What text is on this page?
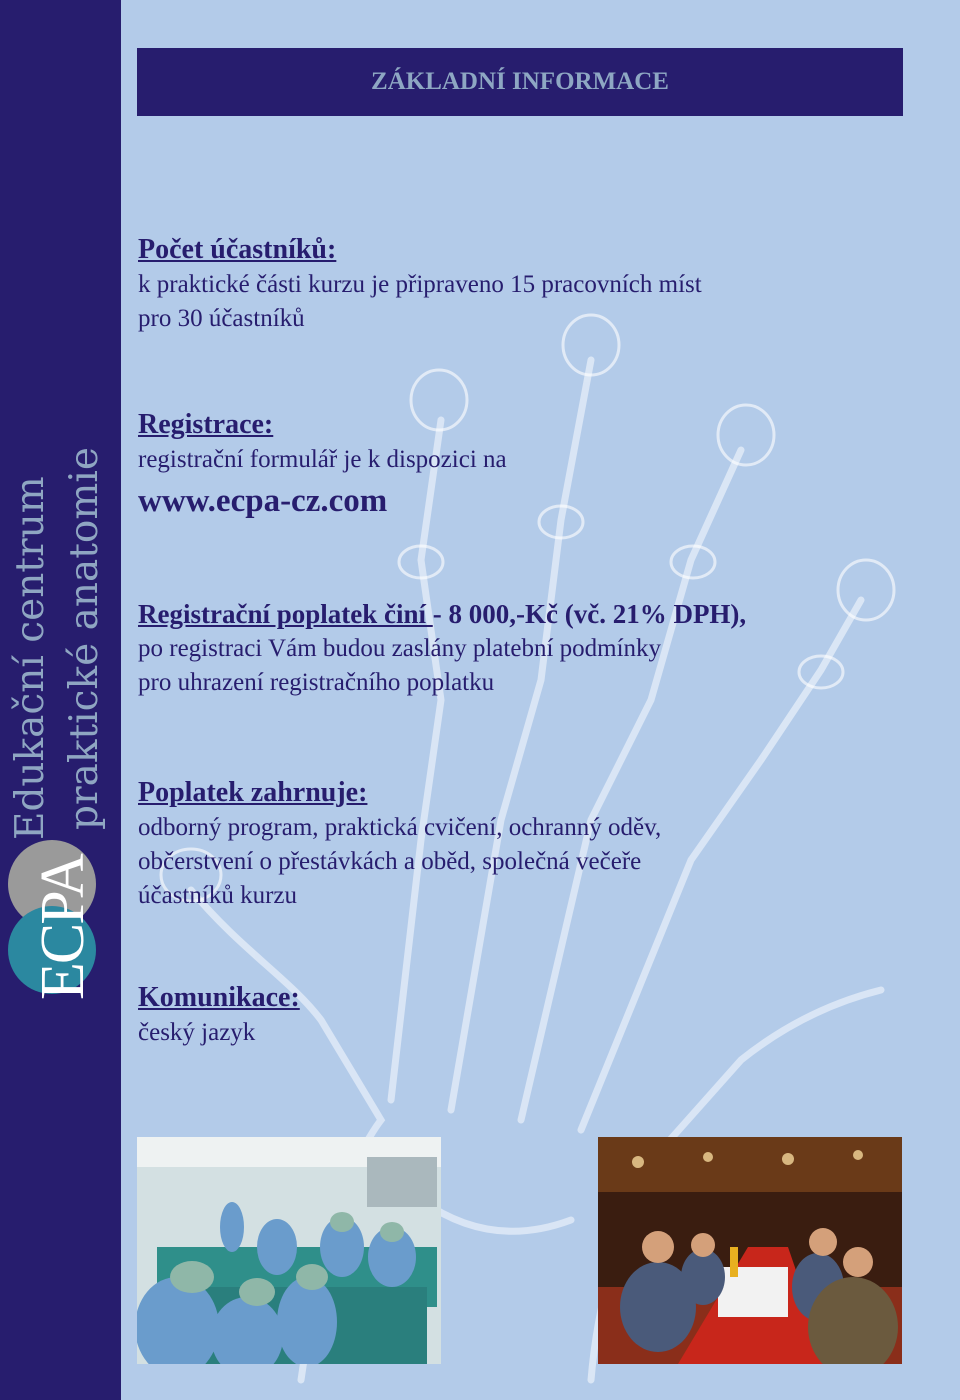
Edukační centrum praktické anatomie
ECPA
ZÁKLADNÍ INFORMACE
Počet účastníků:
k praktické části kurzu je připraveno 15 pracovních míst
pro 30 účastníků
Registrace:
registrační formulář je k dispozici na
www.ecpa-cz.com
Registrační poplatek činí - 8 000,-Kč (vč. 21% DPH),
po registraci Vám budou zaslány platební podmínky
pro uhrazení registračního poplatku
Poplatek zahrnuje:
odborný program, praktická cvičení, ochranný oděv,
občerstvení o přestávkách a oběd, společná večeře
účastníků kurzu
Komunikace:
český jazyk
